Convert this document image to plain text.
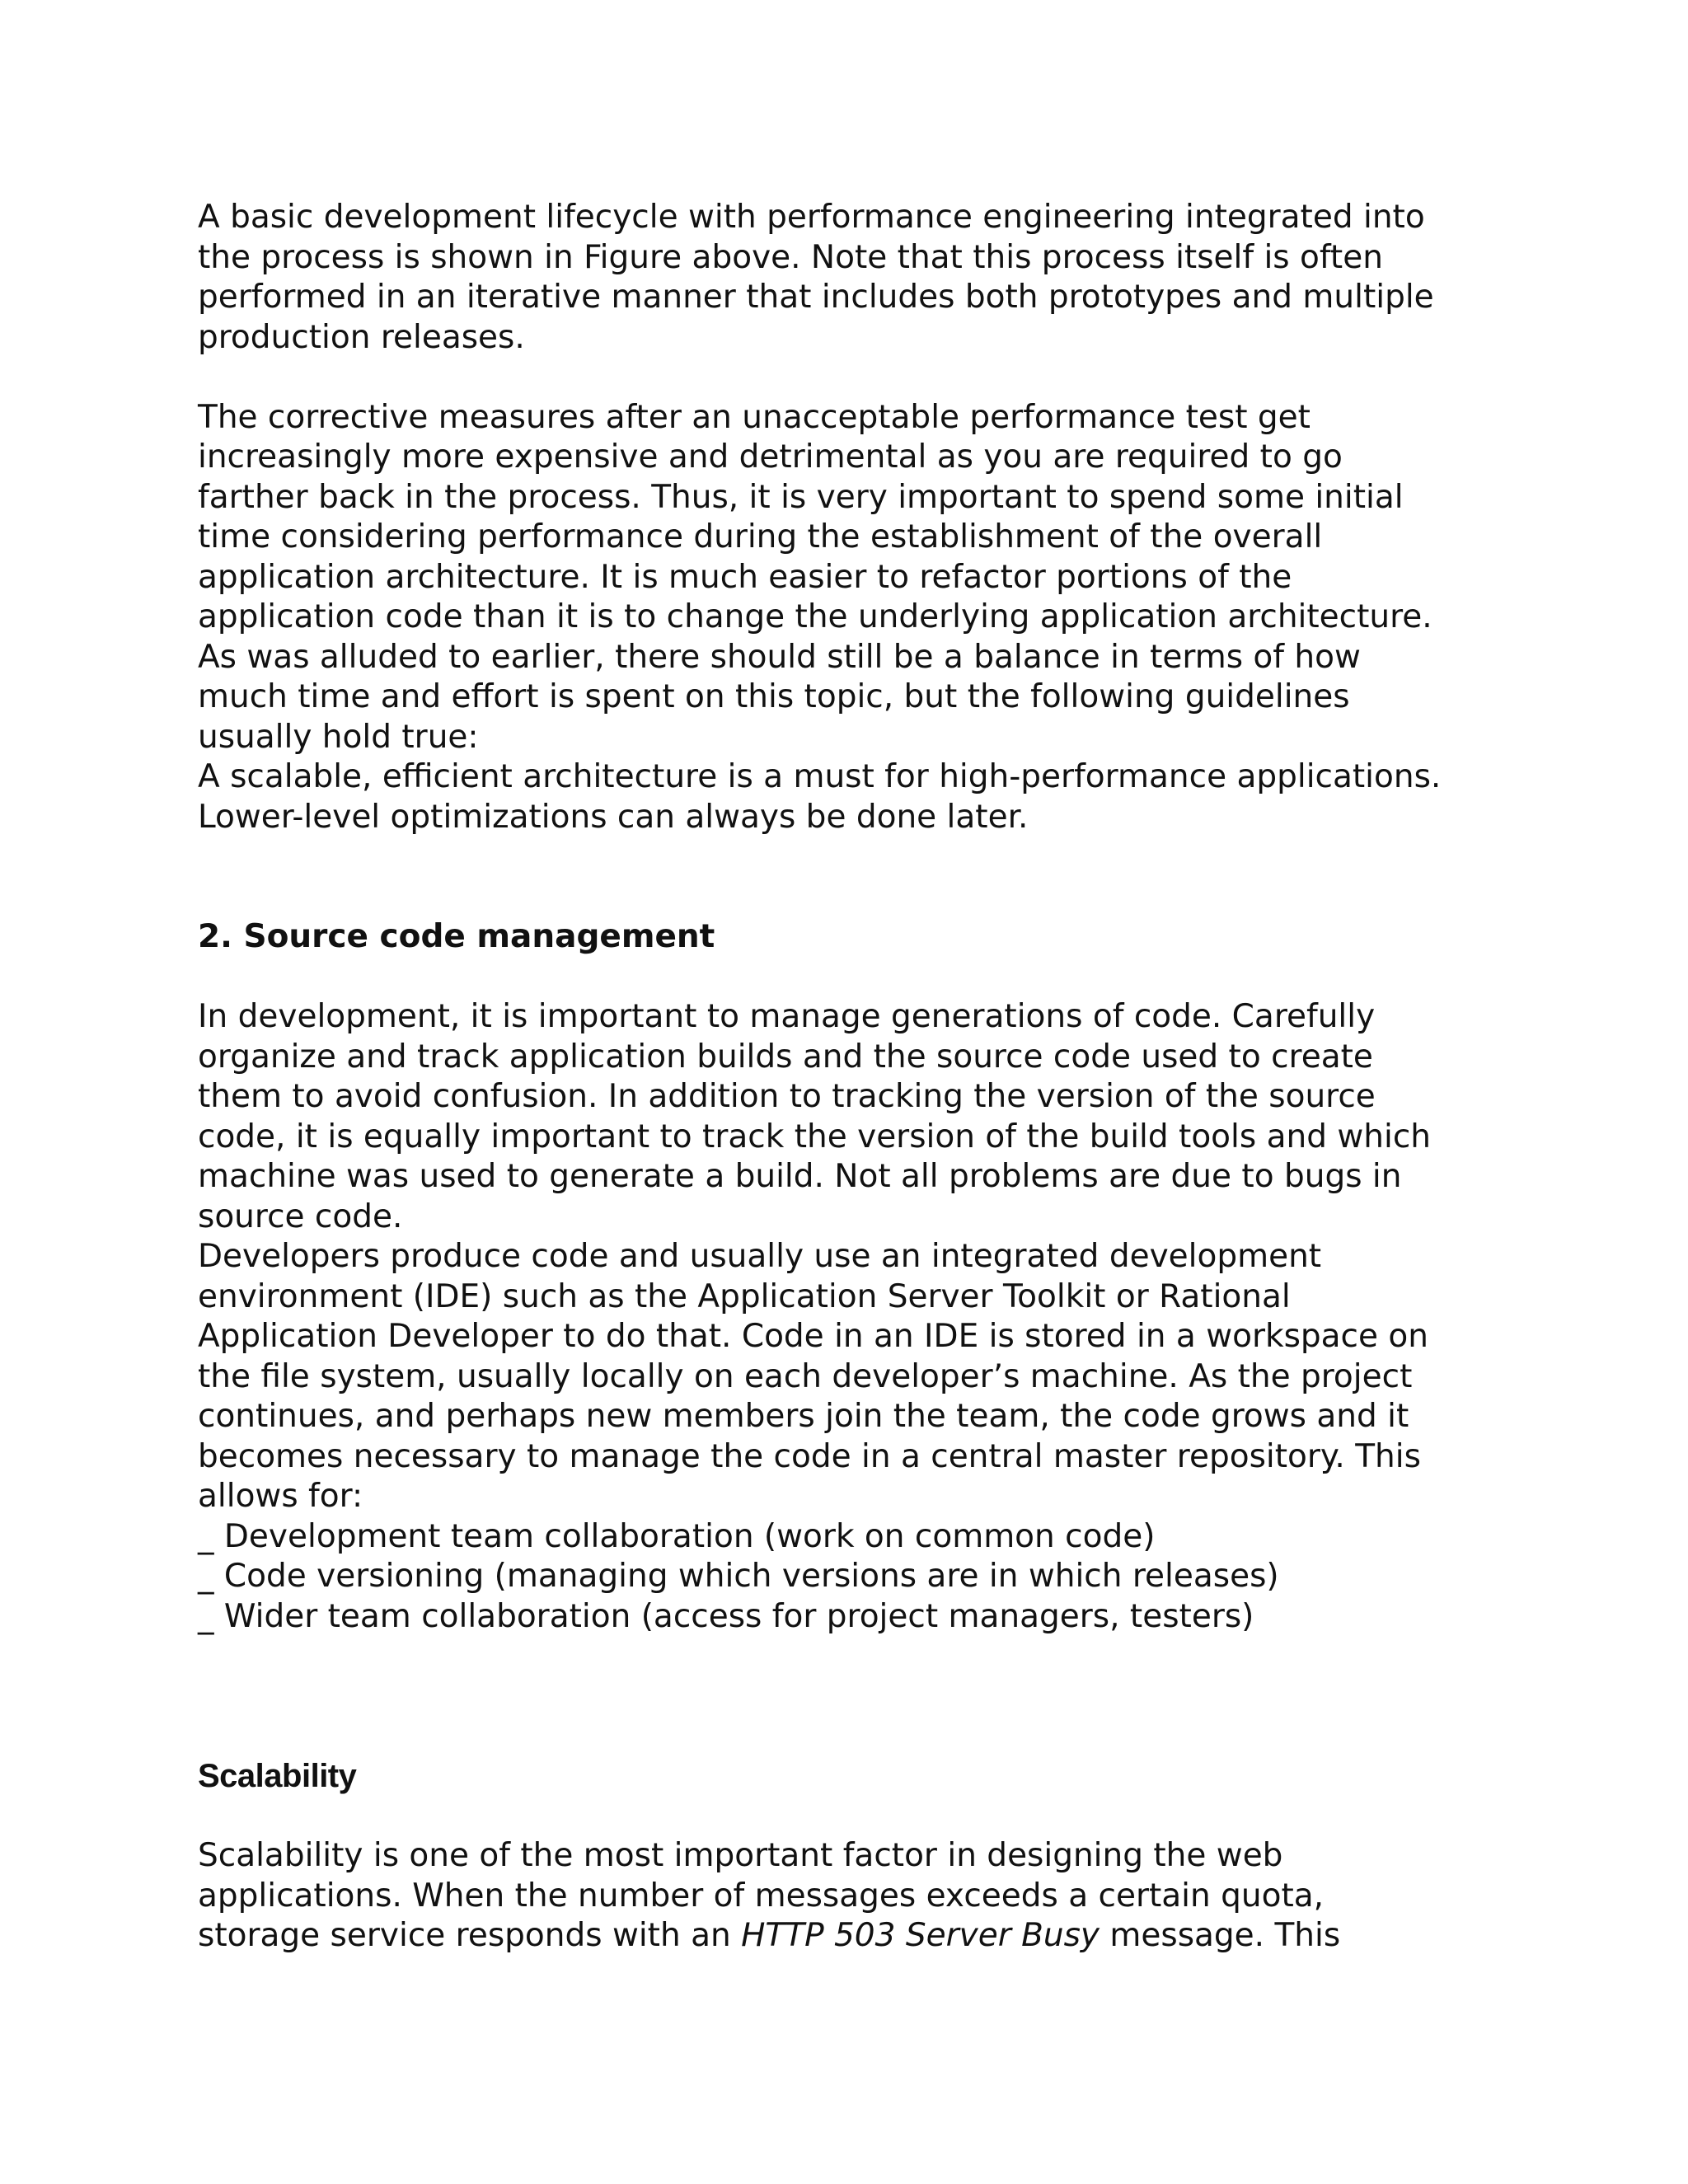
A basic development lifecycle with performance engineering integrated into
the process is shown in Figure above. Note that this process itself is often
performed in an iterative manner that includes both prototypes and multiple
production releases.

The corrective measures after an unacceptable performance test get
increasingly more expensive and detrimental as you are required to go
farther back in the process. Thus, it is very important to spend some initial
time considering performance during the establishment of the overall
application architecture. It is much easier to refactor portions of the
application code than it is to change the underlying application architecture.
As was alluded to earlier, there should still be a balance in terms of how
much time and effort is spent on this topic, but the following guidelines
usually hold true:
A scalable, efficient architecture is a must for high-performance applications.
Lower-level optimizations can always be done later.

2. Source code management

In development, it is important to manage generations of code. Carefully
organize and track application builds and the source code used to create
them to avoid confusion. In addition to tracking the version of the source
code, it is equally important to track the version of the build tools and which
machine was used to generate a build. Not all problems are due to bugs in
source code.
Developers produce code and usually use an integrated development
environment (IDE) such as the Application Server Toolkit or Rational
Application Developer to do that. Code in an IDE is stored in a workspace on
the file system, usually locally on each developer’s machine. As the project
continues, and perhaps new members join the team, the code grows and it
becomes necessary to manage the code in a central master repository. This
allows for:
_ Development team collaboration (work on common code)
_ Code versioning (managing which versions are in which releases)
_ Wider team collaboration (access for project managers, testers)

Scalability

Scalability is one of the most important factor in designing the web
applications. When the number of messages exceeds a certain quota,
storage service responds with an HTTP 503 Server Busy message. This
